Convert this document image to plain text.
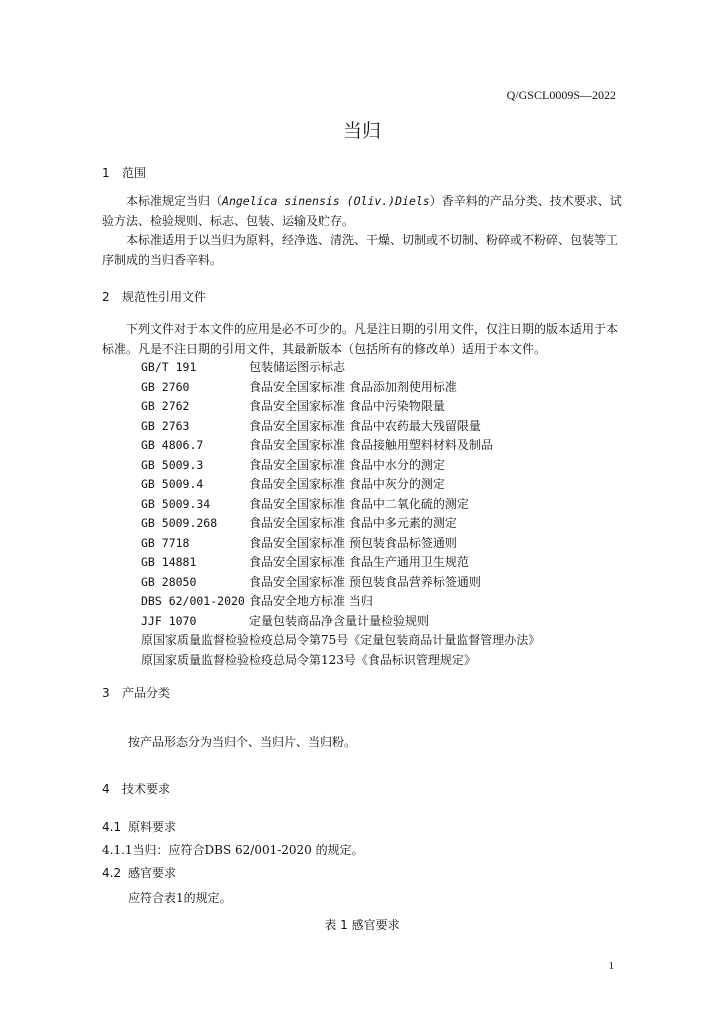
Q/GSCL0009S—2022
当归
1 范围

本标准规定当归（Angelica sinensis (Oliv.)Diels）香辛料的产品分类、技术要求、试验方法、检验规则、标志、包装、运输及贮存。

本标准适用于以当归为原料，经净选、清洗、干燥、切制或不切制、粉碎或不粉碎、包装等工序制成的当归香辛料。

2 规范性引用文件

下列文件对于本文件的应用是必不可少的。凡是注日期的引用文件，仅注日期的版本适用于本标准。凡是不注日期的引用文件，其最新版本（包括所有的修改单）适用于本文件。

GB/T 191	包装储运图示标志
GB 2760	食品安全国家标准 食品添加剂使用标准
GB 2762	食品安全国家标准 食品中污染物限量
GB 2763	食品安全国家标准 食品中农药最大残留限量
GB 4806.7	食品安全国家标准 食品接触用塑料材料及制品
GB 5009.3	食品安全国家标准 食品中水分的测定
GB 5009.4	食品安全国家标准 食品中灰分的测定
GB 5009.34	食品安全国家标准 食品中二氧化硫的测定
GB 5009.268	食品安全国家标准 食品中多元素的测定
GB 7718	食品安全国家标准 预包装食品标签通则
GB 14881	食品安全国家标准 食品生产通用卫生规范
GB 28050	食品安全国家标准 预包装食品营养标签通则
DBS 62/001-2020 食品安全地方标准 当归
JJF 1070	定量包装商品净含量计量检验规则
原国家质量监督检验检疫总局令第75号《定量包装商品计量监督管理办法》
原国家质量监督检验检疫总局令第123号《食品标识管理规定》
3 产品分类
按产品形态分为当归个、当归片、当归粉。
4 技术要求
4.1 原料要求
4.1.1当归：应符合DBS 62/001-2020 的规定。
4.2 感官要求
应符合表1的规定。
表 1 感官要求
1
